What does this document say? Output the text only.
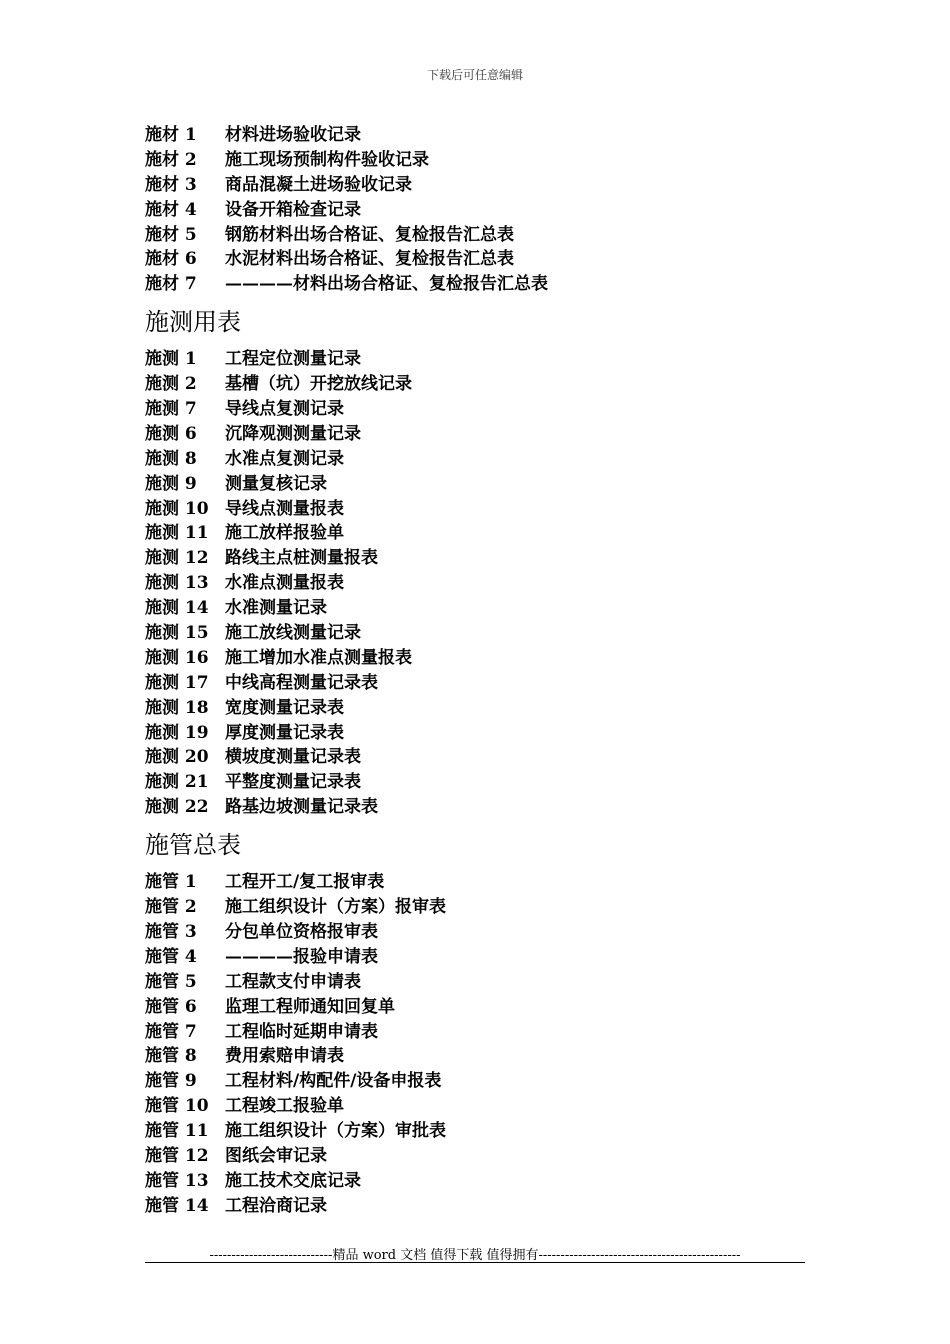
下载后可任意编辑
施材 1	材料进场验收记录
施材 2	施工现场预制构件验收记录
施材 3	商品混凝土进场验收记录
施材 4	设备开箱检查记录
施材 5	钢筋材料出场合格证、复检报告汇总表
施材 6	水泥材料出场合格证、复检报告汇总表
施材 7	————材料出场合格证、复检报告汇总表
施测用表
施测 1	工程定位测量记录
施测 2	基槽（坑）开挖放线记录
施测 7	导线点复测记录
施测 6	沉降观测测量记录
施测 8	水准点复测记录
施测 9	测量复核记录
施测 10 导线点测量报表
施测 11 施工放样报验单
施测 12 路线主点桩测量报表
施测 13 水准点测量报表
施测 14 水准测量记录
施测 15 施工放线测量记录
施测 16 施工增加水准点测量报表
施测 17 中线高程测量记录表
施测 18 宽度测量记录表
施测 19 厚度测量记录表
施测 20 横坡度测量记录表
施测 21 平整度测量记录表
施测 22 路基边坡测量记录表
施管总表
施管 1	工程开工/复工报审表
施管 2	施工组织设计（方案）报审表
施管 3	分包单位资格报审表
施管 4	————报验申请表
施管 5	工程款支付申请表
施管 6	监理工程师通知回复单
施管 7	工程临时延期申请表
施管 8	费用索赔申请表
施管 9	工程材料/构配件/设备申报表
施管 10 工程竣工报验单
施管 11 施工组织设计（方案）审批表
施管 12 图纸会审记录
施管 13 施工技术交底记录
施管 14 工程洽商记录
----------------------------精品 word 文档 值得下载 值得拥有----------------------------------------------
